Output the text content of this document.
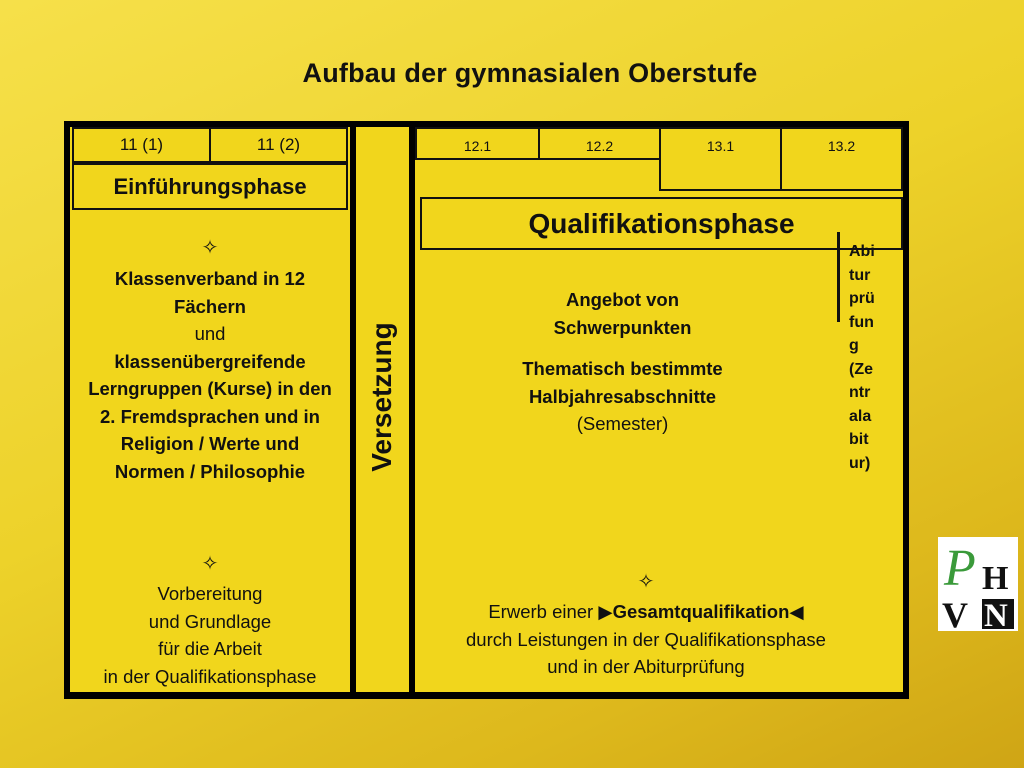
Aufbau der gymnasialen Oberstufe
11 (1)	11 (2)
Einführungsphase
✧
Klassenverband in 12
Fächern
und
klassenübergreifende
Lerngruppen (Kurse) in den
2. Fremdsprachen und in
Religion / Werte und
Normen / Philosophie
✧
Vorbereitung
und Grundlage
für die Arbeit
in der Qualifikationsphase
Versetzung
12.1	12.2	13.1	13.2
Qualifikationsphase
Abi
tur
prü
fun
g
(Ze
ntr
ala
bit
ur)
Angebot von
Schwerpunkten
Thematisch bestimmte
Halbjahresabschnitte
(Semester)
✧
Erwerb einer ▶Gesamtqualifikation◀
durch Leistungen in der Qualifikationsphase
und in der Abiturprüfung
P H
V N
